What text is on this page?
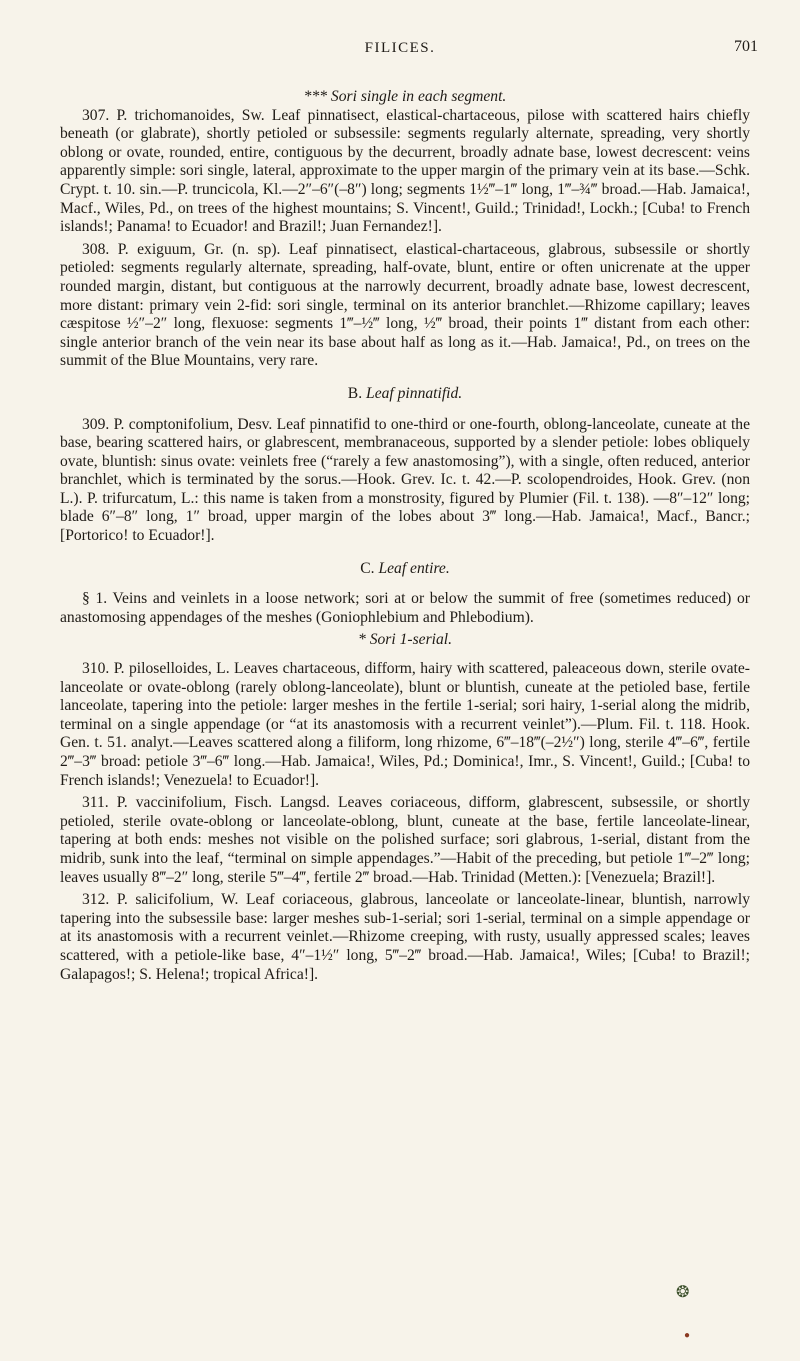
FILICES.	701

*** Sori single in each segment.

307. P. trichomanoides, Sw. Leaf pinnatisect, elastical-chartaceous, pilose with scattered hairs chiefly beneath (or glabrate), shortly petioled or subsessile: segments regularly alternate, spreading, very shortly oblong or ovate, rounded, entire, contiguous by the decurrent, broadly adnate base, lowest decrescent: veins apparently simple: sori single, lateral, approximate to the upper margin of the primary vein at its base.—Schk. Crypt. t. 10. sin.—P. truncicola, Kl.—2″–6″(–8″) long; segments 1½‴–1‴ long, 1‴–¾‴ broad.—Hab. Jamaica!, Macf., Wiles, Pd., on trees of the highest mountains; S. Vincent!, Guild.; Trinidad!, Lockh.; [Cuba! to French islands!; Panama! to Ecuador! and Brazil!; Juan Fernandez!].

308. P. exiguum, Gr. (n. sp). Leaf pinnatisect, elastical-chartaceous, glabrous, subsessile or shortly petioled: segments regularly alternate, spreading, half-ovate, blunt, entire or often unicrenate at the upper rounded margin, distant, but contiguous at the narrowly decurrent, broadly adnate base, lowest decrescent, more distant: primary vein 2-fid: sori single, terminal on its anterior branchlet.—Rhizome capillary; leaves cæspitose ½″–2″ long, flexuose: segments 1‴–½‴ long, ½‴ broad, their points 1‴ distant from each other: single anterior branch of the vein near its base about half as long as it.—Hab. Jamaica!, Pd., on trees on the summit of the Blue Mountains, very rare.

B. Leaf pinnatifid.

309. P. comptonifolium, Desv. Leaf pinnatifid to one-third or one-fourth, oblong-lanceolate, cuneate at the base, bearing scattered hairs, or glabrescent, membranaceous, supported by a slender petiole: lobes obliquely ovate, bluntish: sinus ovate: veinlets free (“rarely a few anastomosing”), with a single, often reduced, anterior branchlet, which is terminated by the sorus.—Hook. Grev. Ic. t. 42.—P. scolopendroides, Hook. Grev. (non L.). P. trifurcatum, L.: this name is taken from a monstrosity, figured by Plumier (Fil. t. 138). —8″–12″ long; blade 6″–8″ long, 1″ broad, upper margin of the lobes about 3‴ long.—Hab. Jamaica!, Macf., Bancr.; [Portorico! to Ecuador!].

C. Leaf entire.

§ 1. Veins and veinlets in a loose network; sori at or below the summit of free (sometimes reduced) or anastomosing appendages of the meshes (Goniophlebium and Phlebodium).

* Sori 1-serial.

310. P. piloselloides, L. Leaves chartaceous, difform, hairy with scattered, paleaceous down, sterile ovate-lanceolate or ovate-oblong (rarely oblong-lanceolate), blunt or bluntish, cuneate at the petioled base, fertile lanceolate, tapering into the petiole: larger meshes in the fertile 1-serial; sori hairy, 1-serial along the midrib, terminal on a single appendage (or “at its anastomosis with a recurrent veinlet”).—Plum. Fil. t. 118. Hook. Gen. t. 51. analyt.—Leaves scattered along a filiform, long rhizome, 6‴–18‴(–2½″) long, sterile 4‴–6‴, fertile 2‴–3‴ broad: petiole 3‴–6‴ long.—Hab. Jamaica!, Wiles, Pd.; Dominica!, Imr., S. Vincent!, Guild.; [Cuba! to French islands!; Venezuela! to Ecuador!].

311. P. vaccinifolium, Fisch. Langsd. Leaves coriaceous, difform, glabrescent, subsessile, or shortly petioled, sterile ovate-oblong or lanceolate-oblong, blunt, cuneate at the base, fertile lanceolate-linear, tapering at both ends: meshes not visible on the polished surface; sori glabrous, 1-serial, distant from the midrib, sunk into the leaf, “terminal on simple appendages.”—Habit of the preceding, but petiole 1‴–2‴ long; leaves usually 8‴–2″ long, sterile 5‴–4‴, fertile 2‴ broad.—Hab. Trinidad (Metten.): [Venezuela; Brazil!].

312. P. salicifolium, W. Leaf coriaceous, glabrous, lanceolate or lanceolate-linear, bluntish, narrowly tapering into the subsessile base: larger meshes sub-1-serial; sori 1-serial, terminal on a simple appendage or at its anastomosis with a recurrent veinlet.—Rhizome creeping, with rusty, usually appressed scales; leaves scattered, with a petiole-like base, 4″–1½″ long, 5‴–2‴ broad.—Hab. Jamaica!, Wiles; [Cuba! to Brazil!; Galapagos!; S. Helena!; tropical Africa!].

❂
●
